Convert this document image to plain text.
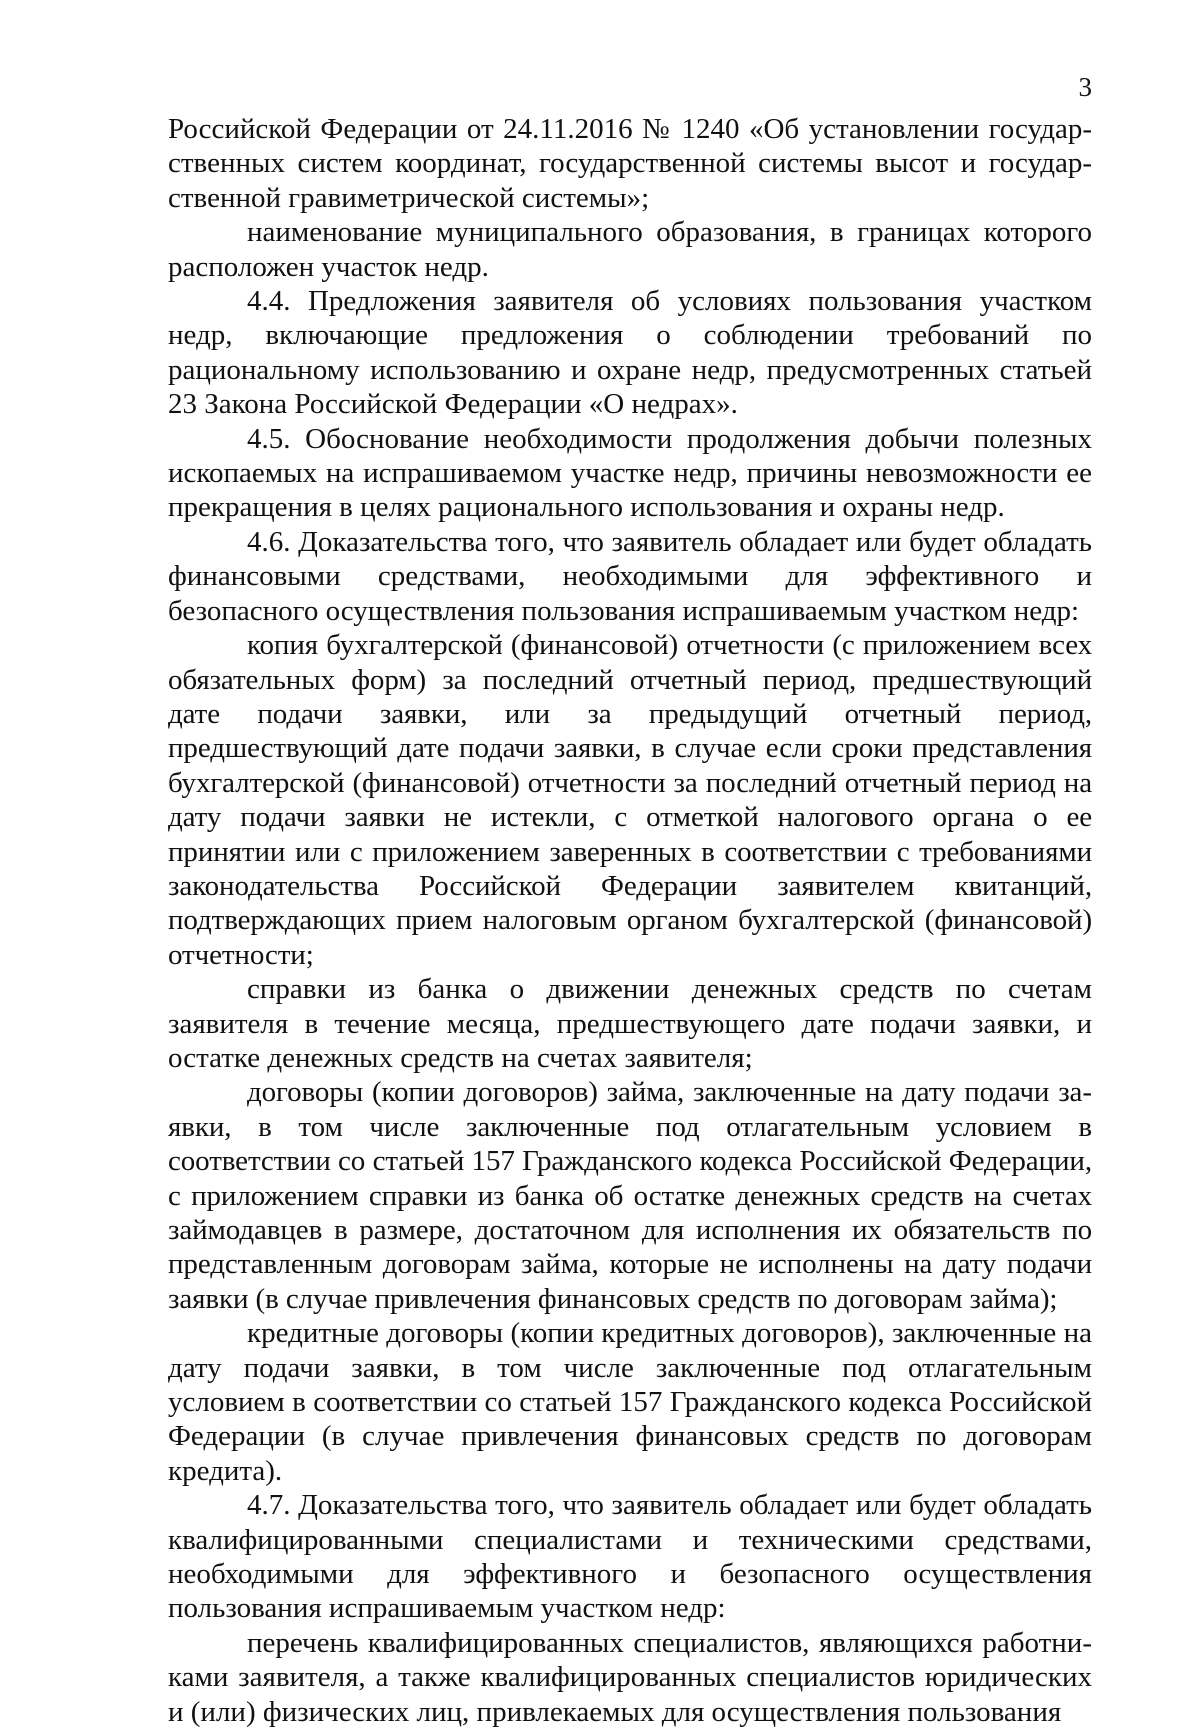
3

Российской Федерации от 24.11.2016 № 1240 «Об установлении государственных систем координат, государственной системы высот и государственной гравиметрической системы»;

наименование муниципального образования, в границах которого расположен участок недр.

4.4. Предложения заявителя об условиях пользования участком недр, включающие предложения о соблюдении требований по рациональному использованию и охране недр, предусмотренных статьей 23 Закона Российской Федерации «О недрах».

4.5. Обоснование необходимости продолжения добычи полезных ископаемых на испрашиваемом участке недр, причины невозможности ее прекращения в целях рационального использования и охраны недр.

4.6. Доказательства того, что заявитель обладает или будет обладать финансовыми средствами, необходимыми для эффективного и безопасного осуществления пользования испрашиваемым участком недр:

копия бухгалтерской (финансовой) отчетности (с приложением всех обязательных форм) за последний отчетный период, предшествующий дате подачи заявки, или за предыдущий отчетный период, предшествующий дате подачи заявки, в случае если сроки представления бухгалтерской (финансовой) отчетности за последний отчетный период на дату подачи заявки не истекли, с отметкой налогового органа о ее принятии или с приложением заверенных в соответствии с требованиями законодательства Российской Федерации заявителем квитанций, подтверждающих прием налоговым органом бухгалтерской (финансовой) отчетности;

справки из банка о движении денежных средств по счетам заявителя в течение месяца, предшествующего дате подачи заявки, и остатке денежных средств на счетах заявителя;

договоры (копии договоров) займа, заключенные на дату подачи заявки, в том числе заключенные под отлагательным условием в соответствии со статьей 157 Гражданского кодекса Российской Федерации, с приложением справки из банка об остатке денежных средств на счетах займодавцев в размере, достаточном для исполнения их обязательств по представленным договорам займа, которые не исполнены на дату подачи заявки (в случае привлечения финансовых средств по договорам займа);

кредитные договоры (копии кредитных договоров), заключенные на дату подачи заявки, в том числе заключенные под отлагательным условием в соответствии со статьей 157 Гражданского кодекса Российской Федерации (в случае привлечения финансовых средств по договорам кредита).

4.7. Доказательства того, что заявитель обладает или будет обладать квалифицированными специалистами и техническими средствами, необходимыми для эффективного и безопасного осуществления пользования испрашиваемым участком недр:

перечень квалифицированных специалистов, являющихся работниками заявителя, а также квалифицированных специалистов юридических и (или) физических лиц, привлекаемых для осуществления пользования
